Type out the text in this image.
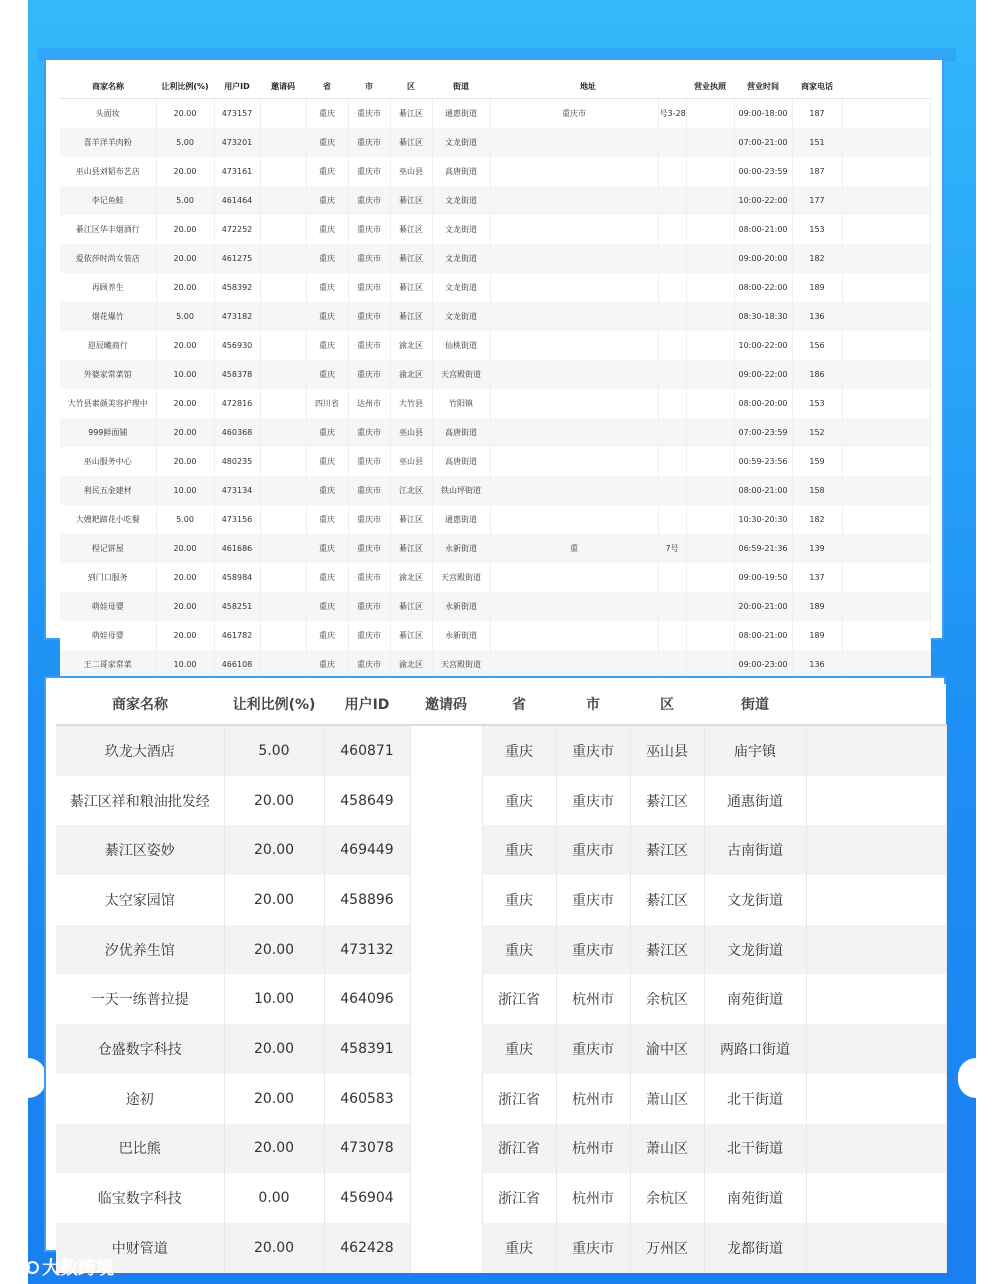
商家名称	让利比例(%)	用户ID	邀请码	省	市	区	街道	地址		营业执照	营业时间	商家电话	
头面妆	20.00	473157		重庆	重庆市	綦江区	通惠街道	重庆市	号3-28		09:00-18:00	187	
喜羊洋羊肉粉	5.00	473201		重庆	重庆市	綦江区	文龙街道				07:00-21:00	151	
巫山县刘韬布艺店	20.00	473161		重庆	重庆市	巫山县	高唐街道				00:00-23:59	187	
李记鱼蛙	5.00	461464		重庆	重庆市	綦江区	文龙街道				10:00-22:00	177	
綦江区华丰烟酒行	20.00	472252		重庆	重庆市	綦江区	文龙街道				08:00-21:00	153	
爱依莎时尚女装店	20.00	461275		重庆	重庆市	綦江区	文龙街道				09:00-20:00	182	
再顾养生	20.00	458392		重庆	重庆市	綦江区	文龙街道				08:00-22:00	189	
烟花爆竹	5.00	473182		重庆	重庆市	綦江区	文龙街道				08:30-18:30	136	
迎辰曦商行	20.00	456930		重庆	重庆市	渝北区	仙桃街道				10:00-22:00	156	
外婆家常菜馆	10.00	458378		重庆	重庆市	渝北区	天宫殿街道				09:00-22:00	186	
大竹县素颜美容护理中	20.00	472816		四川省	达州市	大竹县	竹阳镇				08:00-20:00	153	
999鲜面铺	20.00	460368		重庆	重庆市	巫山县	高唐街道				07:00-23:59	152	
巫山服务中心	20.00	480235		重庆	重庆市	巫山县	高唐街道				00:59-23:56	159	
利民五金建材	10.00	473134		重庆	重庆市	江北区	铁山坪街道				08:00-21:00	158	
大嫂耙蹄花小吃餐	5.00	473156		重庆	重庆市	綦江区	通惠街道				10:30-20:30	182	
程记饼屋	20.00	461686		重庆	重庆市	綦江区	永新街道	重	7号		06:59-21:36	139	
到门口服务	20.00	458984		重庆	重庆市	渝北区	天宫殿街道				09:00-19:50	137	
萌娃母婴	20.00	458251		重庆	重庆市	綦江区	永新街道				20:00-21:00	189	
萌娃母婴	20.00	461782		重庆	重庆市	綦江区	永新街道				08:00-21:00	189	
王二哥家常菜	10.00	466108		重庆	重庆市	渝北区	天宫殿街道				09:00-23:00	136	
商家名称	让利比例(%)	用户ID	邀请码	省	市	区	街道	
玖龙大酒店	5.00	460871		重庆	重庆市	巫山县	庙宇镇	
綦江区祥和粮油批发经	20.00	458649		重庆	重庆市	綦江区	通惠街道	
綦江区姿妙	20.00	469449		重庆	重庆市	綦江区	古南街道	
太空家园馆	20.00	458896		重庆	重庆市	綦江区	文龙街道	
汐优养生馆	20.00	473132		重庆	重庆市	綦江区	文龙街道	
一天一练普拉提	10.00	464096		浙江省	杭州市	余杭区	南苑街道	
仓盛数字科技	20.00	458391		重庆	重庆市	渝中区	两路口街道	
途初	20.00	460583		浙江省	杭州市	萧山区	北干街道	
巴比熊	20.00	473078		浙江省	杭州市	萧山区	北干街道	
临宝数字科技	0.00	456904		浙江省	杭州市	余杭区	南苑街道	
中财管道	20.00	462428		重庆	重庆市	万州区	龙都街道	
大数跨境
